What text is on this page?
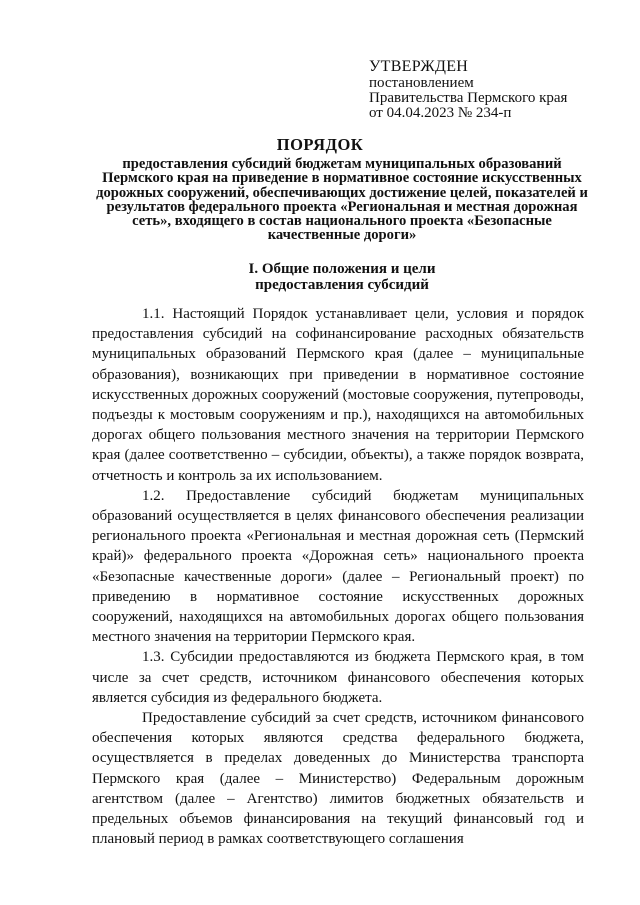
УТВЕРЖДЕН
постановлением
Правительства Пермского края
от 04.04.2023 № 234-п
ПОРЯДОК
предоставления субсидий бюджетам муниципальных образований Пермского края на приведение в нормативное состояние искусственных дорожных сооружений, обеспечивающих достижение целей, показателей и результатов федерального проекта «Региональная и местная дорожная сеть», входящего в состав национального проекта «Безопасные качественные дороги»
I. Общие положения и цели
предоставления субсидий

1.1. Настоящий Порядок устанавливает цели, условия и порядок предоставления субсидий на софинансирование расходных обязательств муниципальных образований Пермского края (далее – муниципальные образования), возникающих при приведении в нормативное состояние искусственных дорожных сооружений (мостовые сооружения, путепроводы, подъезды к мостовым сооружениям и пр.), находящихся на автомобильных дорогах общего пользования местного значения на территории Пермского края (далее соответственно – субсидии, объекты), а также порядок возврата, отчетность и контроль за их использованием.

1.2. Предоставление субсидий бюджетам муниципальных образований осуществляется в целях финансового обеспечения реализации регионального проекта «Региональная и местная дорожная сеть (Пермский край)» федерального проекта «Дорожная сеть» национального проекта «Безопасные качественные дороги» (далее – Региональный проект) по приведению в нормативное состояние искусственных дорожных сооружений, находящихся на автомобильных дорогах общего пользования местного значения на территории Пермского края.

1.3. Субсидии предоставляются из бюджета Пермского края, в том числе за счет средств, источником финансового обеспечения которых является субсидия из федерального бюджета.

Предоставление субсидий за счет средств, источником финансового обеспечения которых являются средства федерального бюджета, осуществляется в пределах доведенных до Министерства транспорта Пермского края (далее – Министерство) Федеральным дорожным агентством (далее – Агентство) лимитов бюджетных обязательств и предельных объемов финансирования на текущий финансовый год и плановый период в рамках соответствующего соглашения
